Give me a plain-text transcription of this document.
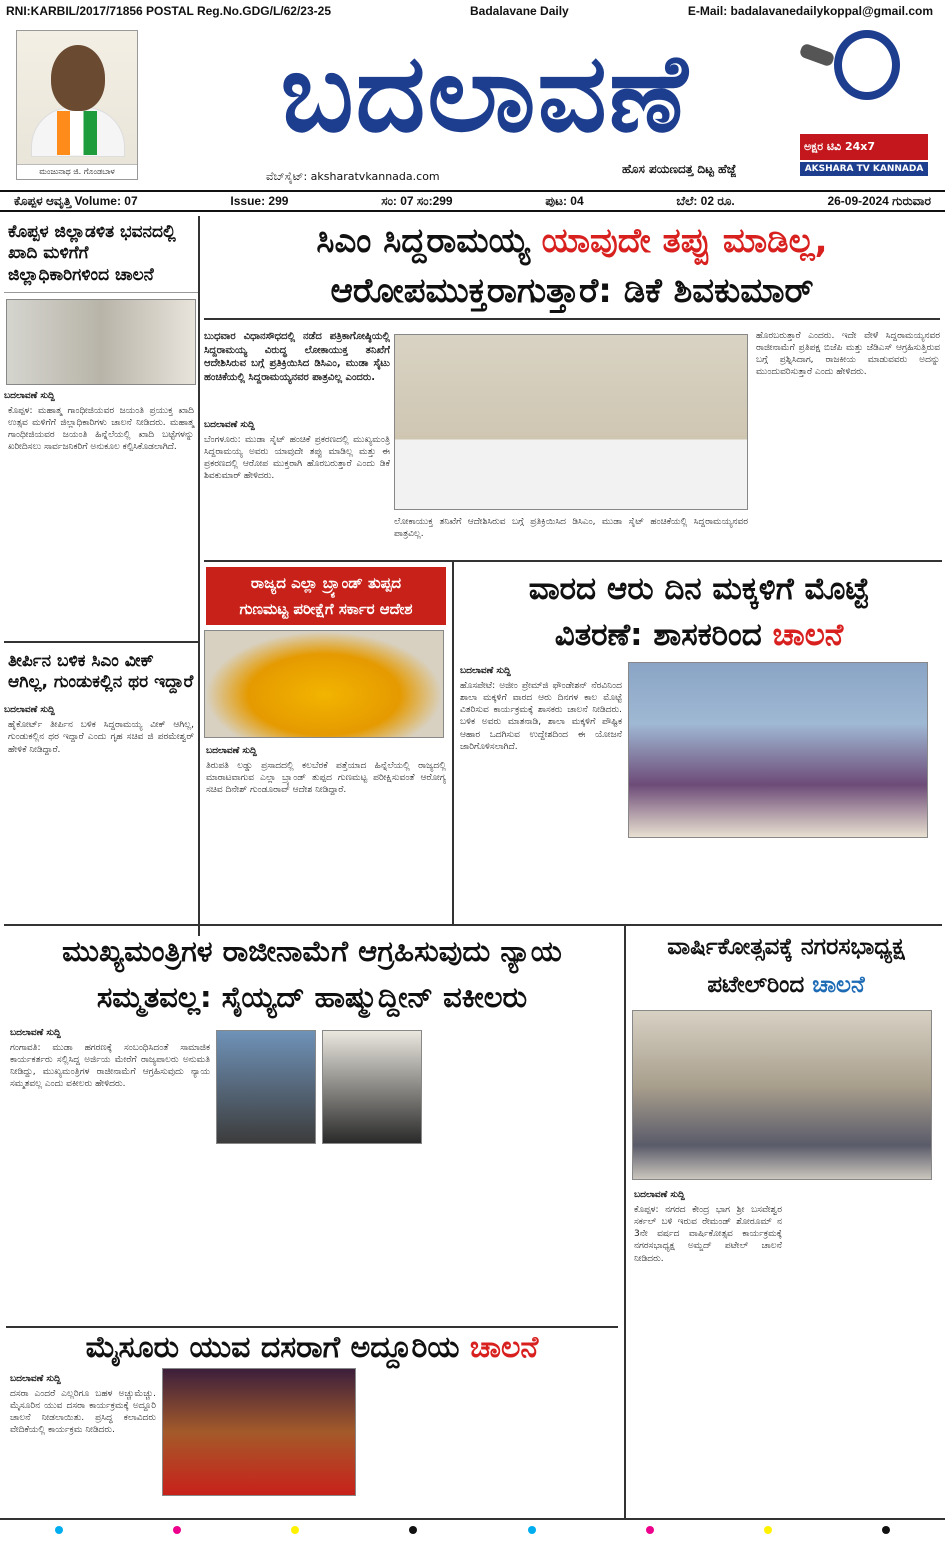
RNI:KARBIL/2017/71856 POSTAL Reg.No.GDG/L/62/23-25	Badalavane Daily	E-Mail: badalavanedailykoppal@gmail.com
ಮಂಜುನಾಥ ಜಿ. ಗೊಂಡಬಾಳ
ಬದಲಾವಣೆ
ವೆಬ್‌ಸೈಟ್: aksharatvkannada.com
ಹೊಸ ಪಯಣದತ್ತ ದಿಟ್ಟ ಹೆಜ್ಜೆ
ಅಕ್ಷರ ಟಿವಿ 24x7
AKSHARA TV KANNADA
ಕೊಪ್ಪಳ ಆವೃತ್ತಿ Volume: 07	Issue: 299	ಸಂ: 07 ಸಂ:299	ಪುಟ: 04	ಬೆಲೆ: 02 ರೂ.	26-09-2024 ಗುರುವಾರ
ಕೊಪ್ಪಳ ಜಿಲ್ಲಾಡಳಿತ ಭವನದಲ್ಲಿ ಖಾದಿ ಮಳಿಗೆಗೆ ಜಿಲ್ಲಾಧಿಕಾರಿಗಳಿಂದ ಚಾಲನೆ
ಬದಲಾವಣೆ ಸುದ್ದಿ
ಕೊಪ್ಪಳ: ಮಹಾತ್ಮ ಗಾಂಧೀಜಿಯವರ ಜಯಂತಿ ಪ್ರಯುಕ್ತ ಖಾದಿ ಉತ್ಸವ ಮಳಿಗೆಗೆ ಜಿಲ್ಲಾಧಿಕಾರಿಗಳು ಚಾಲನೆ ನೀಡಿದರು. ಮಹಾತ್ಮ ಗಾಂಧೀಜಿಯವರ ಜಯಂತಿ ಹಿನ್ನೆಲೆಯಲ್ಲಿ ಖಾದಿ ಬಟ್ಟೆಗಳನ್ನು ಖರೀದಿಸಲು ಸಾರ್ವಜನಿಕರಿಗೆ ಅನುಕೂಲ ಕಲ್ಪಿಸಿಕೊಡಲಾಗಿದೆ.
ತೀರ್ಪಿನ ಬಳಿಕ ಸಿಎಂ ವೀಕ್ ಆಗಿಲ್ಲ, ಗುಂಡುಕಲ್ಲಿನ ಥರ ಇದ್ದಾರೆ
ಬದಲಾವಣೆ ಸುದ್ದಿ
ಹೈಕೋರ್ಟ್ ತೀರ್ಪಿನ ಬಳಿಕ ಸಿದ್ದರಾಮಯ್ಯ ವೀಕ್ ಆಗಿಲ್ಲ, ಗುಂಡುಕಲ್ಲಿನ ಥರ ಇದ್ದಾರೆ ಎಂದು ಗೃಹ ಸಚಿವ ಜಿ ಪರಮೇಶ್ವರ್ ಹೇಳಿಕೆ ನೀಡಿದ್ದಾರೆ.
ಸಿಎಂ ಸಿದ್ದರಾಮಯ್ಯ ಯಾವುದೇ ತಪ್ಪು ಮಾಡಿಲ್ಲ,
ಆರೋಪಮುಕ್ತರಾಗುತ್ತಾರೆ: ಡಿಕೆ ಶಿವಕುಮಾರ್
ಬುಧವಾರ ವಿಧಾನಸೌಧದಲ್ಲಿ ನಡೆದ ಪತ್ರಿಕಾಗೋಷ್ಠಿಯಲ್ಲಿ ಸಿದ್ದರಾಮಯ್ಯ ವಿರುದ್ಧ ಲೋಕಾಯುಕ್ತ ತನಿಖೆಗೆ ಆದೇಶಿಸಿರುವ ಬಗ್ಗೆ ಪ್ರತಿಕ್ರಿಯಿಸಿದ ಡಿಸಿಎಂ, ಮುಡಾ ಸೈಟು ಹಂಚಿಕೆಯಲ್ಲಿ ಸಿದ್ದರಾಮಯ್ಯನವರ ಪಾತ್ರವಿಲ್ಲ ಎಂದರು.
ಬದಲಾವಣೆ ಸುದ್ದಿ
ಬೆಂಗಳೂರು: ಮುಡಾ ಸೈಟ್ ಹಂಚಿಕೆ ಪ್ರಕರಣದಲ್ಲಿ ಮುಖ್ಯಮಂತ್ರಿ ಸಿದ್ದರಾಮಯ್ಯ ಅವರು ಯಾವುದೇ ತಪ್ಪು ಮಾಡಿಲ್ಲ ಮತ್ತು ಈ ಪ್ರಕರಣದಲ್ಲಿ ಆರೋಪ ಮುಕ್ತರಾಗಿ ಹೊರಬರುತ್ತಾರೆ ಎಂದು ಡಿಕೆ ಶಿವಕುಮಾರ್ ಹೇಳಿದರು.
ಲೋಕಾಯುಕ್ತ ತನಿಖೆಗೆ ಆದೇಶಿಸಿರುವ ಬಗ್ಗೆ ಪ್ರತಿಕ್ರಿಯಿಸಿದ ಡಿಸಿಎಂ, ಮುಡಾ ಸೈಟ್ ಹಂಚಿಕೆಯಲ್ಲಿ ಸಿದ್ದರಾಮಯ್ಯನವರ ಪಾತ್ರವಿಲ್ಲ.
ಹೊರಬರುತ್ತಾರೆ ಎಂದರು. ಇದೇ ವೇಳೆ ಸಿದ್ದರಾಮಯ್ಯನವರ ರಾಜೀನಾಮೆಗೆ ಪ್ರತಿಪಕ್ಷ ಬಿಜೆಪಿ ಮತ್ತು ಜೆಡಿಎಸ್ ಆಗ್ರಹಿಸುತ್ತಿರುವ ಬಗ್ಗೆ ಪ್ರಶ್ನಿಸಿದಾಗ, ರಾಜಕೀಯ ಮಾಡುವವರು ಅದನ್ನು ಮುಂದುವರಿಸುತ್ತಾರೆ ಎಂದು ಹೇಳಿದರು.
ರಾಜ್ಯದ ಎಲ್ಲಾ ಬ್ರ್ಯಾಂಡ್ ತುಪ್ಪದ
ಗುಣಮಟ್ಟ ಪರೀಕ್ಷೆಗೆ ಸರ್ಕಾರ ಆದೇಶ
ಬದಲಾವಣೆ ಸುದ್ದಿ
ತಿರುಪತಿ ಲಡ್ಡು ಪ್ರಸಾದದಲ್ಲಿ ಕಲಬೆರಕೆ ಪತ್ತೆಯಾದ ಹಿನ್ನೆಲೆಯಲ್ಲಿ ರಾಜ್ಯದಲ್ಲಿ ಮಾರಾಟವಾಗುವ ಎಲ್ಲಾ ಬ್ರ್ಯಾಂಡ್ ತುಪ್ಪದ ಗುಣಮಟ್ಟ ಪರೀಕ್ಷಿಸುವಂತೆ ಆರೋಗ್ಯ ಸಚಿವ ದಿನೇಶ್ ಗುಂಡೂರಾವ್ ಆದೇಶ ನೀಡಿದ್ದಾರೆ.
ವಾರದ ಆರು ದಿನ ಮಕ್ಕಳಿಗೆ ಮೊಟ್ಟೆ
ವಿತರಣೆ: ಶಾಸಕರಿಂದ ಚಾಲನೆ
ಬದಲಾವಣೆ ಸುದ್ದಿ
ಹೊಸಪೇಟೆ: ಅಜೀಂ ಪ್ರೇಮ್‌ಜಿ ಫೌಂಡೇಶನ್ ನೆರವಿನಿಂದ ಶಾಲಾ ಮಕ್ಕಳಿಗೆ ವಾರದ ಆರು ದಿನಗಳ ಕಾಲ ಮೊಟ್ಟೆ ವಿತರಿಸುವ ಕಾರ್ಯಕ್ರಮಕ್ಕೆ ಶಾಸಕರು ಚಾಲನೆ ನೀಡಿದರು. ಬಳಿಕ ಅವರು ಮಾತನಾಡಿ, ಶಾಲಾ ಮಕ್ಕಳಿಗೆ ಪೌಷ್ಟಿಕ ಆಹಾರ ಒದಗಿಸುವ ಉದ್ದೇಶದಿಂದ ಈ ಯೋಜನೆ ಜಾರಿಗೊಳಿಸಲಾಗಿದೆ.
ಮುಖ್ಯಮಂತ್ರಿಗಳ ರಾಜೀನಾಮೆಗೆ ಆಗ್ರಹಿಸುವುದು ನ್ಯಾಯ
ಸಮ್ಮತವಲ್ಲ: ಸೈಯ್ಯದ್ ಹಾಷ್ಮುದ್ದೀನ್ ವಕೀಲರು
ಬದಲಾವಣೆ ಸುದ್ದಿ
ಗಂಗಾವತಿ: ಮುಡಾ ಹಗರಣಕ್ಕೆ ಸಂಬಂಧಿಸಿದಂತೆ ಸಾಮಾಜಿಕ ಕಾರ್ಯಕರ್ತರು ಸಲ್ಲಿಸಿದ್ದ ಅರ್ಜಿಯ ಮೇರೆಗೆ ರಾಜ್ಯಪಾಲರು ಅನುಮತಿ ನೀಡಿದ್ದು, ಮುಖ್ಯಮಂತ್ರಿಗಳ ರಾಜೀನಾಮೆಗೆ ಆಗ್ರಹಿಸುವುದು ನ್ಯಾಯ ಸಮ್ಮತವಲ್ಲ ಎಂದು ವಕೀಲರು ಹೇಳಿದರು.
ವಾರ್ಷಿಕೋತ್ಸವಕ್ಕೆ ನಗರಸಭಾಧ್ಯಕ್ಷ
ಪಟೇಲ್‌ರಿಂದ ಚಾಲನೆ
ಬದಲಾವಣೆ ಸುದ್ದಿ
ಕೊಪ್ಪಳ: ನಗರದ ಕೇಂದ್ರ ಭಾಗ ಶ್ರೀ ಬಸವೇಶ್ವರ ಸರ್ಕಲ್ ಬಳಿ ಇರುವ ರೇಮಂಡ್ ಶೋರೂಮ್ ನ 3ನೇ ವರ್ಷದ ವಾರ್ಷಿಕೋತ್ಸವ ಕಾರ್ಯಕ್ರಮಕ್ಕೆ ನಗರಸಭಾಧ್ಯಕ್ಷ ಅಮ್ಜದ್ ಪಟೇಲ್ ಚಾಲನೆ ನೀಡಿದರು.
ಮೈಸೂರು ಯುವ ದಸರಾಗೆ ಅದ್ದೂರಿಯ ಚಾಲನೆ
ಬದಲಾವಣೆ ಸುದ್ದಿ
ದಸರಾ ಎಂದರೆ ಎಲ್ಲರಿಗೂ ಬಹಳ ಅಚ್ಚುಮೆಚ್ಚು. ಮೈಸೂರಿನ ಯುವ ದಸರಾ ಕಾರ್ಯಕ್ರಮಕ್ಕೆ ಅದ್ದೂರಿ ಚಾಲನೆ ನೀಡಲಾಯಿತು. ಪ್ರಸಿದ್ಧ ಕಲಾವಿದರು ವೇದಿಕೆಯಲ್ಲಿ ಕಾರ್ಯಕ್ರಮ ನೀಡಿದರು.
